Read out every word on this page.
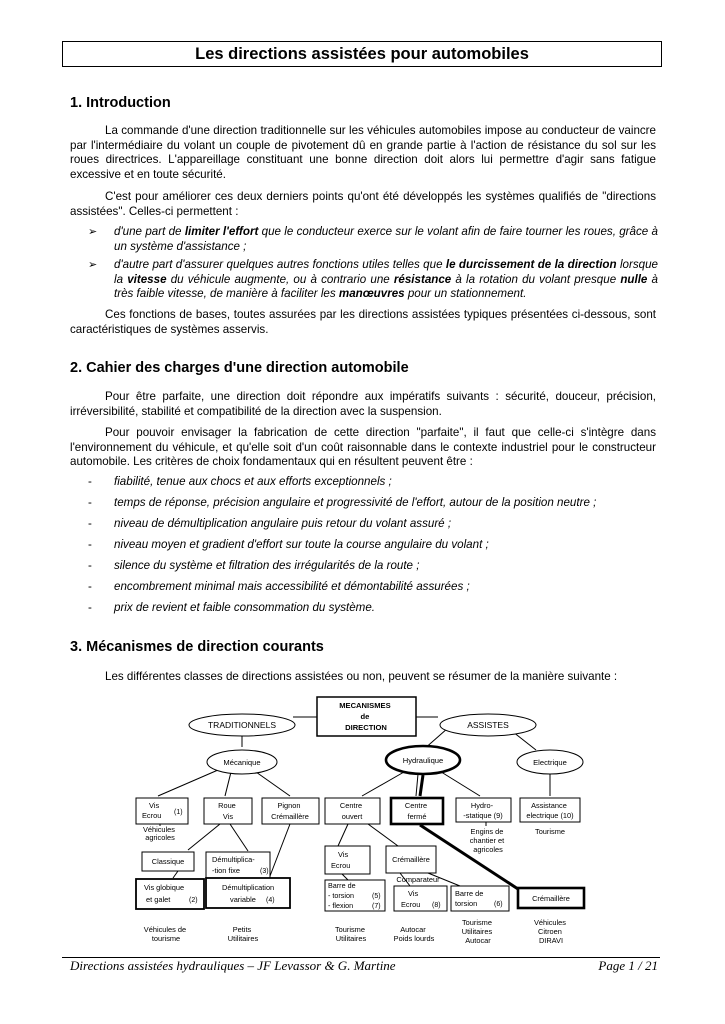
Les directions assistées pour automobiles
1. Introduction

La commande d'une direction traditionnelle sur les véhicules automobiles impose au conducteur de vaincre par l'intermédiaire du volant un couple de pivotement dû en grande partie à l'action de résistance du sol sur les roues directrices. L'appareillage constituant une bonne direction doit alors lui permettre d'agir sans fatigue excessive et en toute sécurité.

C'est pour améliorer ces deux derniers points qu'ont été développés les systèmes qualifiés de "directions assistées". Celles-ci permettent :

➢ d'une part de limiter l'effort que le conducteur exerce sur le volant afin de faire tourner les roues, grâce à un système d'assistance ;
➢ d'autre part d'assurer quelques autres fonctions utiles telles que le durcissement de la direction lorsque la vitesse du véhicule augmente, ou à contrario une résistance à la rotation du volant presque nulle à très faible vitesse, de manière à faciliter les manœuvres pour un stationnement.

Ces fonctions de bases, toutes assurées par les directions assistées typiques présentées ci-dessous, sont caractéristiques de systèmes asservis.

2. Cahier des charges d'une direction automobile

Pour être parfaite, une direction doit répondre aux impératifs suivants : sécurité, douceur, précision, irréversibilité, stabilité et compatibilité de la direction avec la suspension.

Pour pouvoir envisager la fabrication de cette direction "parfaite", il faut que celle-ci s'intègre dans l'environnement du véhicule, et qu'elle soit d'un coût raisonnable dans le contexte industriel pour le constructeur automobile. Les critères de choix fondamentaux qui en résultent peuvent être :

- fiabilité, tenue aux chocs et aux efforts exceptionnels ;
- temps de réponse, précision angulaire et progressivité de l'effort, autour de la position neutre ;
- niveau de démultiplication angulaire puis retour du volant assuré ;
- niveau moyen et gradient d'effort sur toute la course angulaire du volant ;
- silence du système et filtration des irrégularités de la route ;
- encombrement minimal mais accessibilité et démontabilité assurées ;
- prix de revient et faible consommation du système.
3. Mécanismes de direction courants

Les différentes classes de directions assistées ou non, peuvent se résumer de la manière suivante :

MECANISMES de DIRECTION
TRADITIONNELS	ASSISTES
Mécanique	Hydraulique	Electrique
Vis Ecrou (1)
Roue Vis
Pignon Crémaillère
Centre ouvert
Centre fermé
Hydro- -statique (9)
Assistance electrique (10)
Véhicules agricoles
Engins de chantier et agricoles
Tourisme
Classique	Démultiplica- -tion fixe	(3)
Vis Ecrou
Crémaillère
Comparateur
Vis globique et galet	(2)
Démultiplication variable	(4)
Barre de - torsion - flexion
(5) (7)
Vis Ecrou (8)
Barre de torsion	(6)
Crémaillère
Véhicules de tourisme
Petits Utilitaires
Tourisme Utilitaires
Autocar Poids lourds
Tourisme Utilitaires Autocar
Véhicules Citroen DIRAVI
Directions assistées hydrauliques – JF Levassor & G. Martine	Page 1 / 21
